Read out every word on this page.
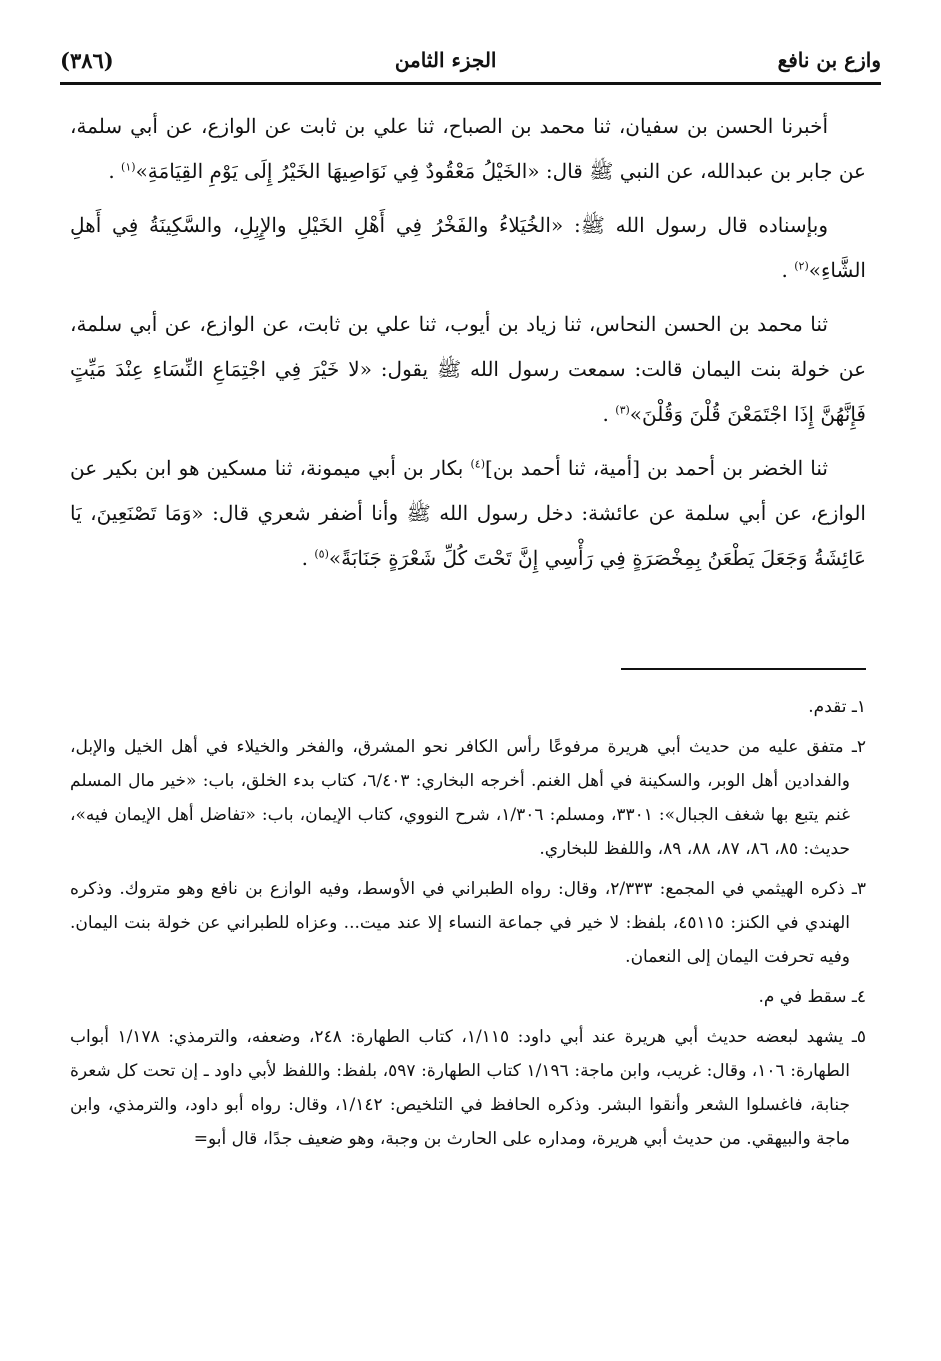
(٣٨٦)	الجزء الثامن	وازع بن نافع

أخبرنا الحسن بن سفيان، ثنا محمد بن الصباح، ثنا علي بن ثابت عن الوازع، عن أبي سلمة، عن جابر بن عبدالله، عن النبي ﷺ قال: «الخَيْلُ مَعْقُودٌ فِي نَوَاصِيهَا الخَيْرُ إِلَى يَوْمِ القِيَامَةِ»$^{(١)}$ .

وبإسناده قال رسول الله ﷺ: «الخُيَلاءُ والفَخْرُ فِي أَهْلِ الخَيْلِ والإِبِلِ، والسَّكِينَةُ فِي أَهلِ الشَّاءِ»$^{(٢)}$ .

ثنا محمد بن الحسن النحاس، ثنا زياد بن أيوب، ثنا علي بن ثابت، عن الوازع، عن أبي سلمة، عن خولة بنت اليمان قالت: سمعت رسول الله ﷺ يقول: «لا خَيْرَ فِي اجْتِمَاعِ النِّسَاءِ عِنْدَ مَيِّتٍ فَإِنَّهُنَّ إِذَا اجْتَمَعْنَ قُلْنَ وَقُلْنَ»$^{(٣)}$ .

ثنا الخضر بن أحمد بن [أمية، ثنا أحمد بن]$^{(٤)}$ بكار بن أبي ميمونة، ثنا مسكين هو ابن بكير عن الوازع، عن أبي سلمة عن عائشة: دخل رسول الله ﷺ وأنا أضفر شعري قال: «وَمَا تَصْنَعِينَ، يَا عَائِشَةُ وَجَعَلَ يَطْعَنُ بِمِخْصَرَةٍ فِي رَأْسِي إِنَّ تَحْتَ كُلِّ شَعْرَةٍ جَنَابَةً»$^{(٥)}$ .

١ـ تقدم.

٢ـ متفق عليه من حديث أبي هريرة مرفوعًا رأس الكافر نحو المشرق، والفخر والخيلاء في أهل الخيل والإبل، والفدادين أهل الوبر، والسكينة في أهل الغنم. أخرجه البخاري: ٦/٤٠٣، كتاب بدء الخلق، باب: «خير مال المسلم غنم يتبع بها شغف الجبال»: ٣٣٠١، ومسلم: ١/٣٠٦، شرح النووي، كتاب الإيمان، باب: «تفاضل أهل الإيمان فيه»، حديث: ٨٥، ٨٦، ٨٧، ٨٨، ٨٩، واللفظ للبخاري.

٣ـ ذكره الهيثمي في المجمع: ٢/٣٣٣، وقال: رواه الطبراني في الأوسط، وفيه الوازع بن نافع وهو متروك. وذكره الهندي في الكنز: ٤٥١١٥، بلفظ: لا خير في جماعة النساء إلا عند ميت... وعزاه للطبراني عن خولة بنت اليمان. وفيه تحرفت اليمان إلى النعمان.

٤ـ سقط في م.

٥ـ يشهد لبعضه حديث أبي هريرة عند أبي داود: ١/١١٥، كتاب الطهارة: ٢٤٨، وضعفه، والترمذي: ١/١٧٨ أبواب الطهارة: ١٠٦، وقال: غريب، وابن ماجة: ١/١٩٦ كتاب الطهارة: ٥٩٧، بلفظ: واللفظ لأبي داود ـ إن تحت كل شعرة جنابة، فاغسلوا الشعر وأنقوا البشر. وذكره الحافظ في التلخيص: ١/١٤٢، وقال: رواه أبو داود، والترمذي، وابن ماجة والبيهقي. من حديث أبي هريرة، ومداره على الحارث بن وجبة، وهو ضعيف جدًا، قال أبو=
